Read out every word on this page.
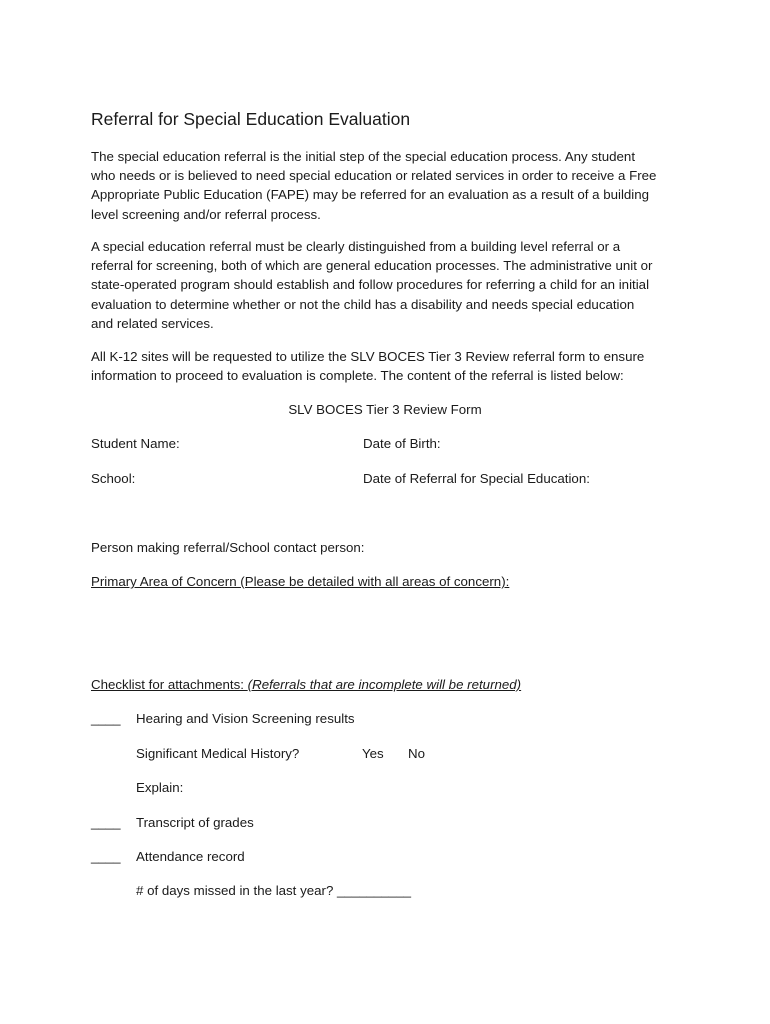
Referral for Special Education Evaluation

The special education referral is the initial step of the special education process. Any student
who needs or is believed to need special education or related services in order to receive a Free
Appropriate Public Education (FAPE) may be referred for an evaluation as a result of a building
level screening and/or referral process.

A special education referral must be clearly distinguished from a building level referral or a
referral for screening, both of which are general education processes. The administrative unit or
state-operated program should establish and follow procedures for referring a child for an initial
evaluation to determine whether or not the child has a disability and needs special education
and related services.

All K-12 sites will be requested to utilize the SLV BOCES Tier 3 Review referral form to ensure
information to proceed to evaluation is complete. The content of the referral is listed below:

SLV BOCES Tier 3 Review Form
Student Name:	Date of Birth:
School:	Date of Referral for Special Education:
Person making referral/School contact person:
Primary Area of Concern (Please be detailed with all areas of concern):
Checklist for attachments: (Referrals that are incomplete will be returned)
____ Hearing and Vision Screening results
Significant Medical History?	Yes No
Explain:
____ Transcript of grades
____ Attendance record
# of days missed in the last year? __________
